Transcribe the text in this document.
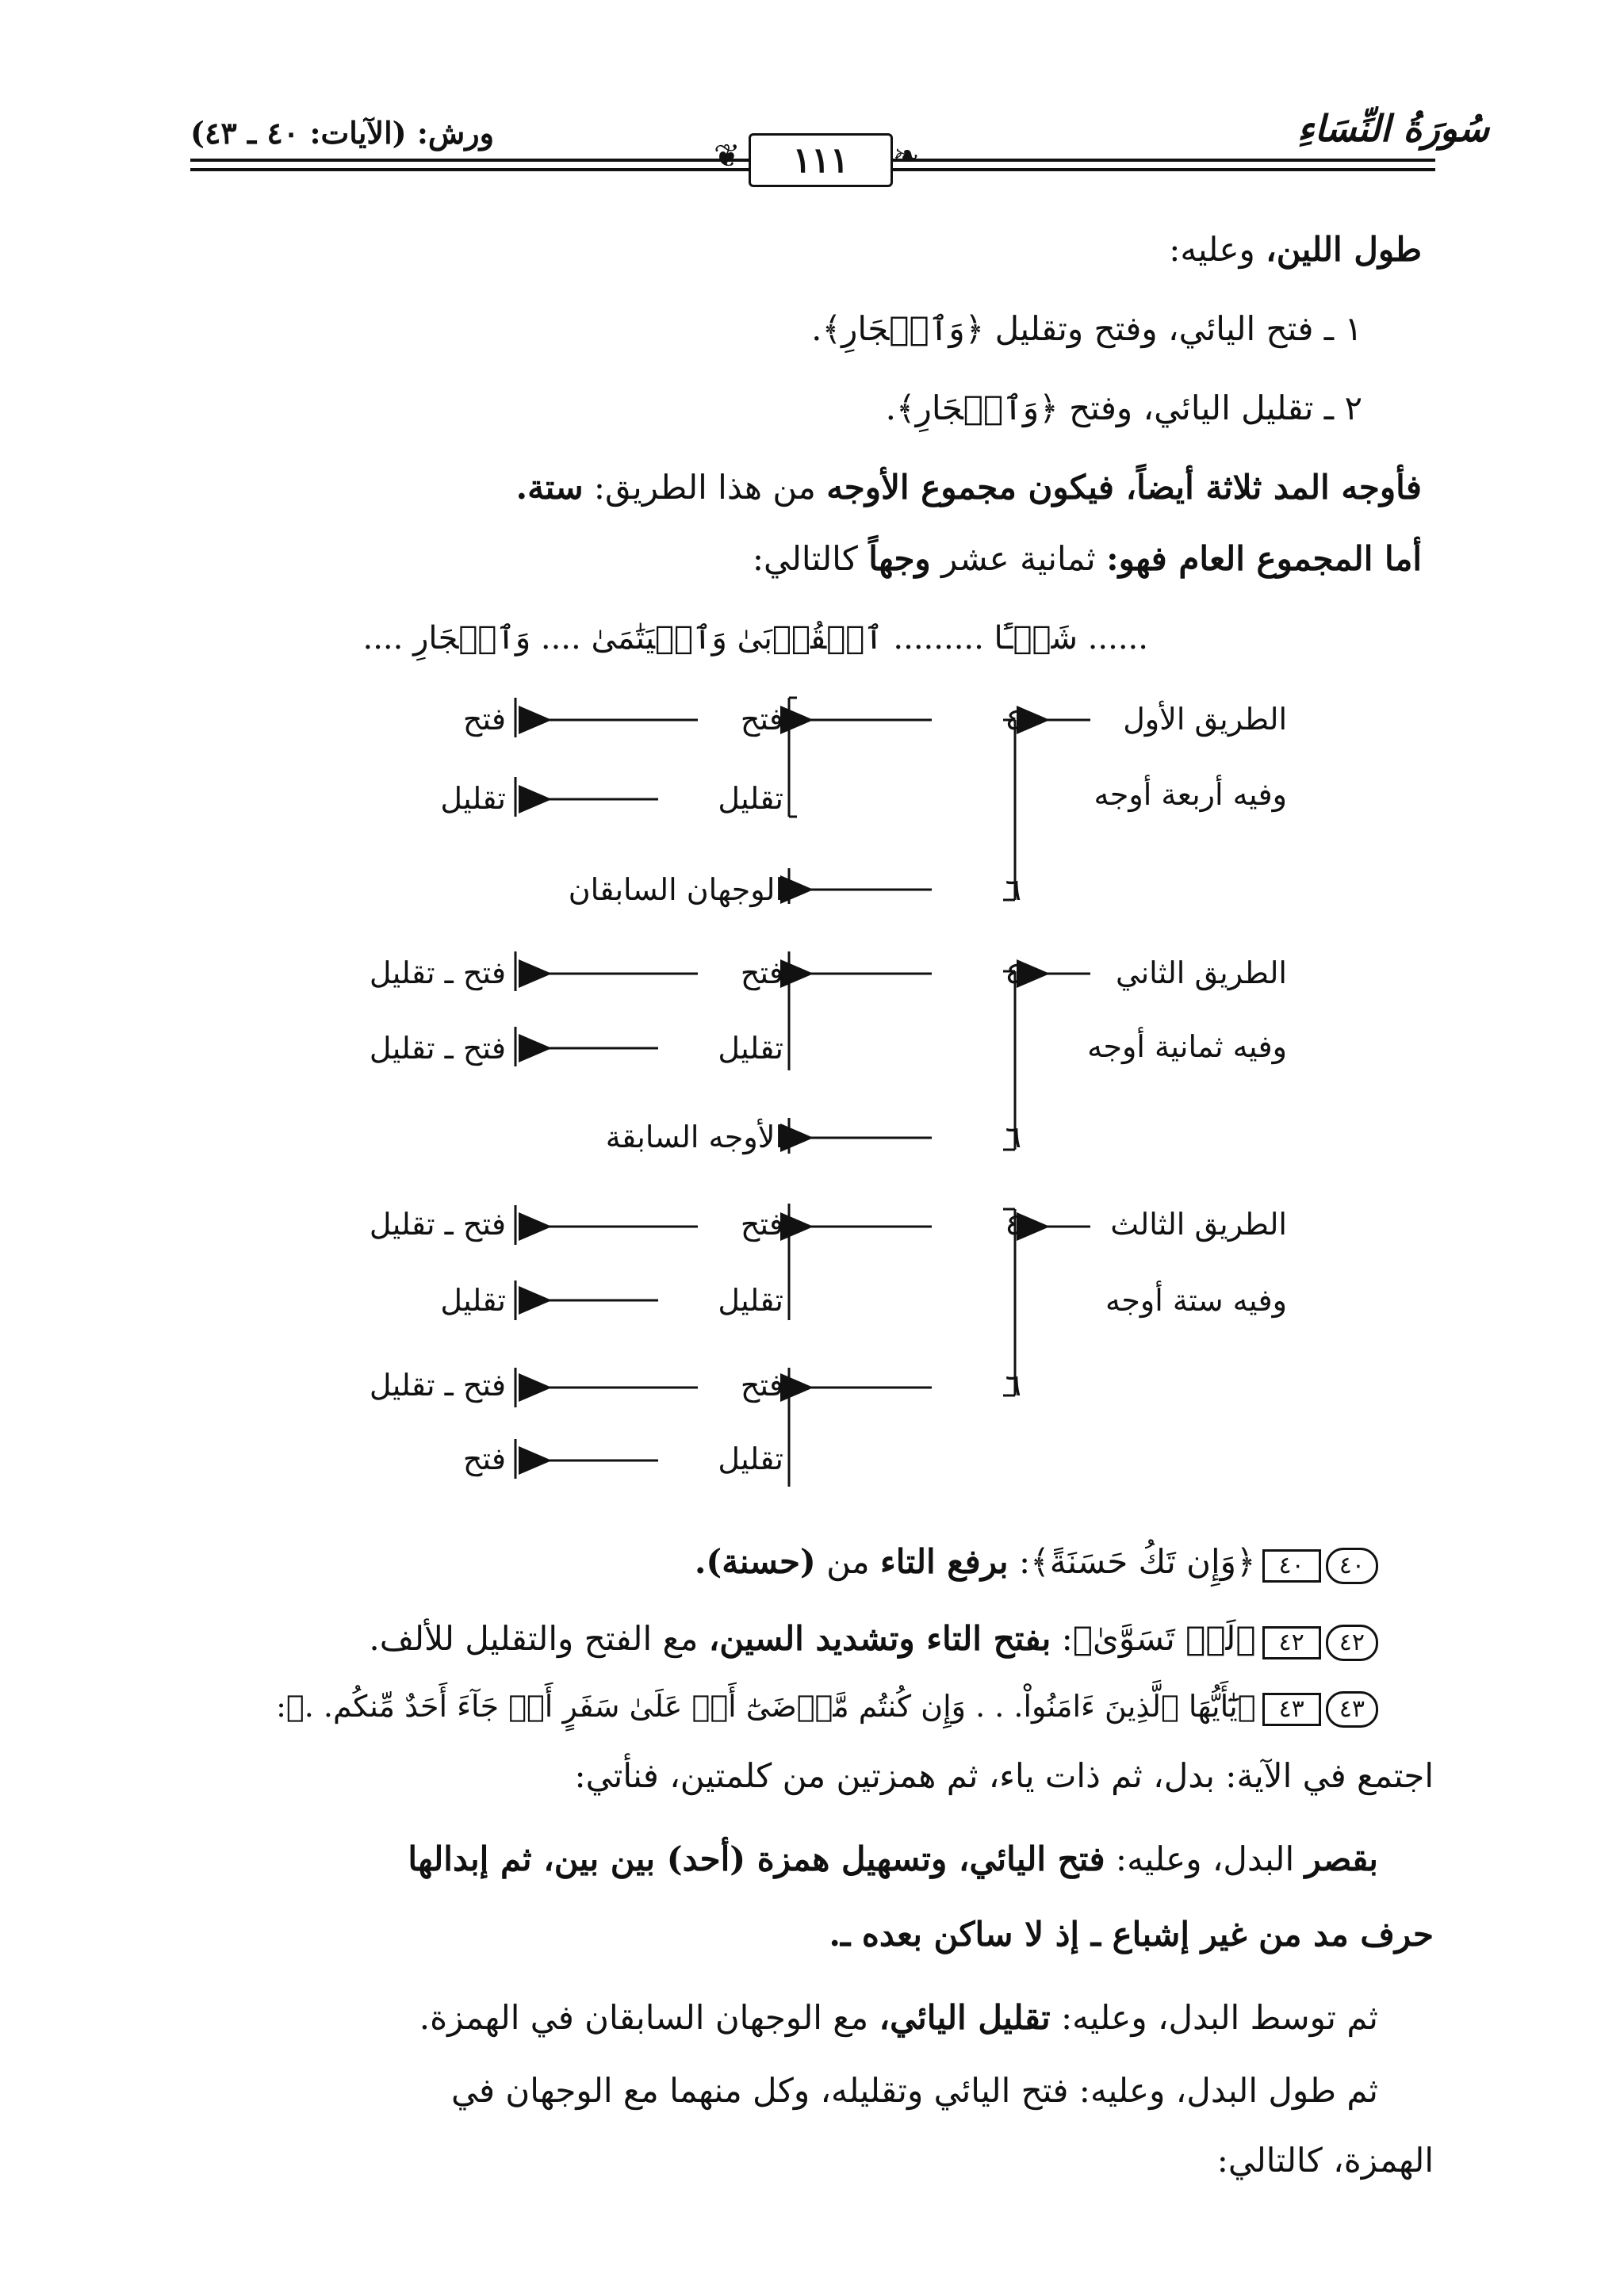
سُورَةُ النِّسَاءِ
ورش: (الآيات: ٤٠ ـ ٤٣)
❦	١١١	❧
طول اللين، وعليه:
١ ـ فتح اليائي، وفتح وتقليل ﴿وَٱلۡجَارِ﴾.
٢ ـ تقليل اليائي، وفتح ﴿وَٱلۡجَارِ﴾.
فأوجه المد ثلاثة أيضاً، فيكون مجموع الأوجه من هذا الطريق: ستة.
أما المجموع العام فهو: ثمانية عشر وجهاً كالتالي:
...... شَيۡـًٔا ......... ٱلۡقُرۡبَىٰ وَٱلۡيَتَٰمَىٰ .... وَٱلۡجَارِ ....
الطريق الأول
وفيه أربعة أوجه
٤
٦
فتح
تقليل
الوجهان السابقان
فتح
تقليل
الطريق الثاني
وفيه ثمانية أوجه
٤
٦
فتح
تقليل
الأوجه السابقة
فتح ـ تقليل
فتح ـ تقليل
الطريق الثالث
وفيه ستة أوجه
٤
٦
فتح
تقليل
فتح
تقليل
فتح ـ تقليل
تقليل
فتح ـ تقليل
فتح
٤٠٤٠﴿وَإِن تَكُ حَسَنَةً﴾: برفع التاء من (حسنة).
٤٢٤٢﴿لَوۡ تَسَوَّىٰ﴾: بفتح التاء وتشديد السين، مع الفتح والتقليل للألف.
٤٣٤٣﴿يَٰٓأَيُّهَا ٱلَّذِينَ ءَامَنُواْ. . . وَإِن كُنتُم مَّرۡضَىٰٓ أَوۡ عَلَىٰ سَفَرٍ أَوۡ جَآءَ أَحَدٌ مِّنكُم. .﴾:
اجتمع في الآية: بدل، ثم ذات ياء، ثم همزتين من كلمتين، فنأتي:
بقصر البدل، وعليه: فتح اليائي، وتسهيل همزة (أحد) بين بين، ثم إبدالها
حرف مد من غير إشباع ـ إذ لا ساكن بعده ـ.
ثم توسط البدل، وعليه: تقليل اليائي، مع الوجهان السابقان في الهمزة.
ثم طول البدل، وعليه: فتح اليائي وتقليله، وكل منهما مع الوجهان في
الهمزة، كالتالي:
